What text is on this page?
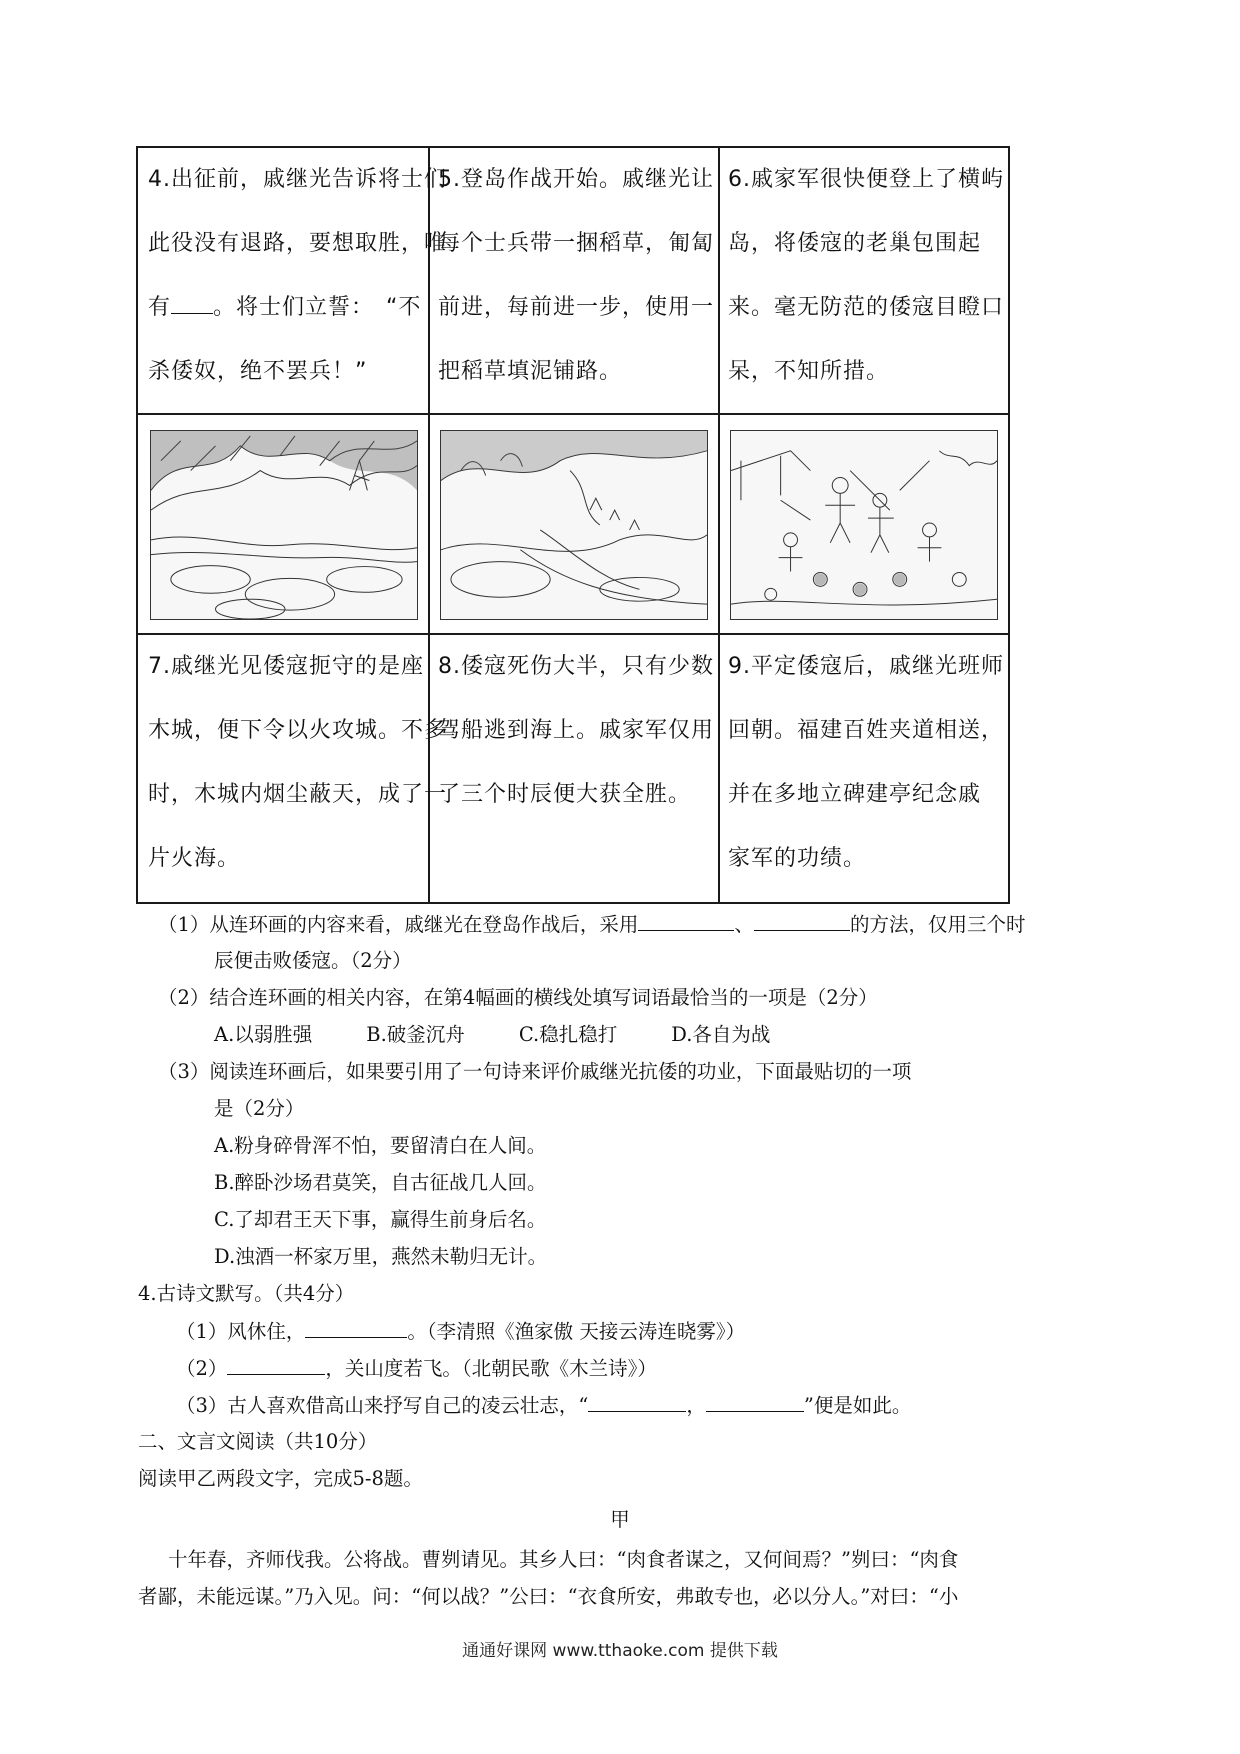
4.出征前，戚继光告诉将士们
此役没有退路，要想取胜，唯
有 。将士们立誓：　“不
杀倭奴，绝不罢兵！”
5.登岛作战开始。戚继光让
每个士兵带一捆稻草，匍匐
前进，每前进一步，使用一
把稻草填泥铺路。
6.戚家军很快便登上了横屿
岛，将倭寇的老巢包围起
来。毫无防范的倭寇目瞪口
呆，不知所措。
7.戚继光见倭寇扼守的是座
木城，便下令以火攻城。不多
时，木城内烟尘蔽天，成了一
片火海。
8.倭寇死伤大半，只有少数
驾船逃到海上。戚家军仅用
了三个时辰便大获全胜。
9.平定倭寇后，戚继光班师
回朝。福建百姓夹道相送，
并在多地立碑建亭纪念戚
家军的功绩。
（1）从连环画的内容来看，戚继光在登岛作战后，采用	、	的方法，仅用三个时
辰便击败倭寇。（2分）
（2）结合连环画的相关内容，在第4幅画的横线处填写词语最恰当的一项是（2分）
A.以弱胜强	B.破釜沉舟	C.稳扎稳打	D.各自为战
（3）阅读连环画后，如果要引用了一句诗来评价戚继光抗倭的功业，下面最贴切的一项
是（2分）
A.粉身碎骨浑不怕，要留清白在人间。
B.醉卧沙场君莫笑，自古征战几人回。
C.了却君王天下事，赢得生前身后名。
D.浊酒一杯家万里，燕然未勒归无计。
4.古诗文默写。（共4分）
（1）风休住，	。（李清照《渔家傲 天接云涛连晓雾》）
（2）	，关山度若飞。（北朝民歌《木兰诗》）
（3）古人喜欢借高山来抒写自己的凌云壮志，“	，	”便是如此。
二、文言文阅读（共10分）
阅读甲乙两段文字，完成5-8题。
甲
十年春，齐师伐我。公将战。曹刿请见。其乡人曰：“肉食者谋之，又何间焉？”刿曰：“肉食
者鄙，未能远谋。”乃入见。问：“何以战？”公曰：“衣食所安，弗敢专也，必以分人。”对曰：“小
通通好课网 www.tthaoke.com 提供下载
